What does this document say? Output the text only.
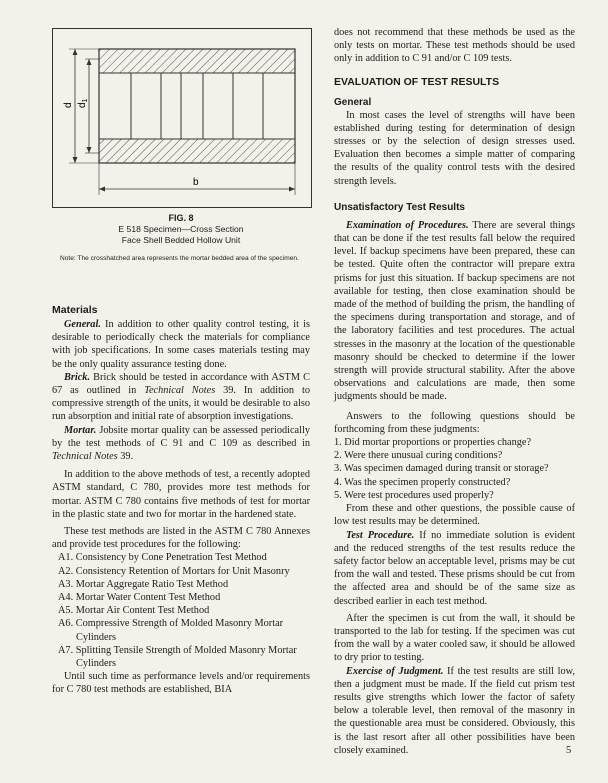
d $d_1$
b
FIG. 8
E 518 Specimen—Cross Section
Face Shell Bedded Hollow Unit
Note: The crosshatched area represents the mortar bedded area of the specimen.
Materials

General. In addition to other quality control testing, it is desirable to periodically check the materials for compliance with job specifications. In some cases materials testing may be the only quality assurance testing done.

Brick. Brick should be tested in accordance with ASTM C 67 as outlined in Technical Notes 39. In addition to compressive strength of the units, it would be desirable to also run absorption and initial rate of absorption investigations.

Mortar. Jobsite mortar quality can be assessed periodically by the test methods of C 91 and C 109 as described in Technical Notes 39.

In addition to the above methods of test, a recently adopted ASTM standard, C 780, provides more test methods for mortar. ASTM C 780 contains five methods of test for mortar in the plastic state and two for mortar in the hardened state.

These test methods are listed in the ASTM C 780 Annexes and provide test procedures for the following:

A1. Consistency by Cone Penetration Test Method
A2. Consistency Retention of Mortars for Unit Masonry
A3. Mortar Aggregate Ratio Test Method
A4. Mortar Water Content Test Method
A5. Mortar Air Content Test Method
A6. Compressive Strength of Molded Masonry Mortar Cylinders
A7. Splitting Tensile Strength of Molded Masonry Mortar Cylinders

Until such time as performance levels and/or requirements for C 780 test methods are established, BIA

does not recommend that these methods be used as the only tests on mortar. These test methods should be used only in addition to C 91 and/or C 109 tests.

EVALUATION OF TEST RESULTS
General

In most cases the level of strengths will have been established during testing for determination of design stresses or by the selection of design stresses used. Evaluation then becomes a simple matter of comparing the results of the quality control tests with the desired strength levels.

Unsatisfactory Test Results

Examination of Procedures. There are several things that can be done if the test results fall below the required level. If backup specimens have been prepared, these can be tested. Quite often the contractor will prepare extra prisms for just this situation. If backup specimens are not available for testing, then close examination should be made of the method of building the prism, the handling of the specimens during transportation and storage, and of the laboratory facilities and test procedures. The actual stresses in the masonry at the location of the questionable masonry should be checked to determine if the lower strength will provide structural stability. After the above observations and calculations are made, then some judgments should be made.

Answers to the following questions should be forthcoming from these judgments:

1. Did mortar proportions or properties change?
2. Were there unusual curing conditions?
3. Was specimen damaged during transit or storage?
4. Was the specimen properly constructed?
5. Were test procedures used properly?

From these and other questions, the possible cause of low test results may be determined.

Test Procedure. If no immediate solution is evident and the reduced strengths of the test results reduce the safety factor below an acceptable level, prisms may be cut from the wall and tested. These prisms should be cut from the affected area and should be of the same size as described earlier in each test method.

After the specimen is cut from the wall, it should be transported to the lab for testing. If the specimen was cut from the wall by a water cooled saw, it should be allowed to dry prior to testing.

Exercise of Judgment. If the test results are still low, then a judgment must be made. If the field cut prism test results give strengths which lower the factor of safety below a tolerable level, then removal of the masonry in the questionable area must be considered. Obviously, this is the last resort after all other possibilities have been closely examined.	5
